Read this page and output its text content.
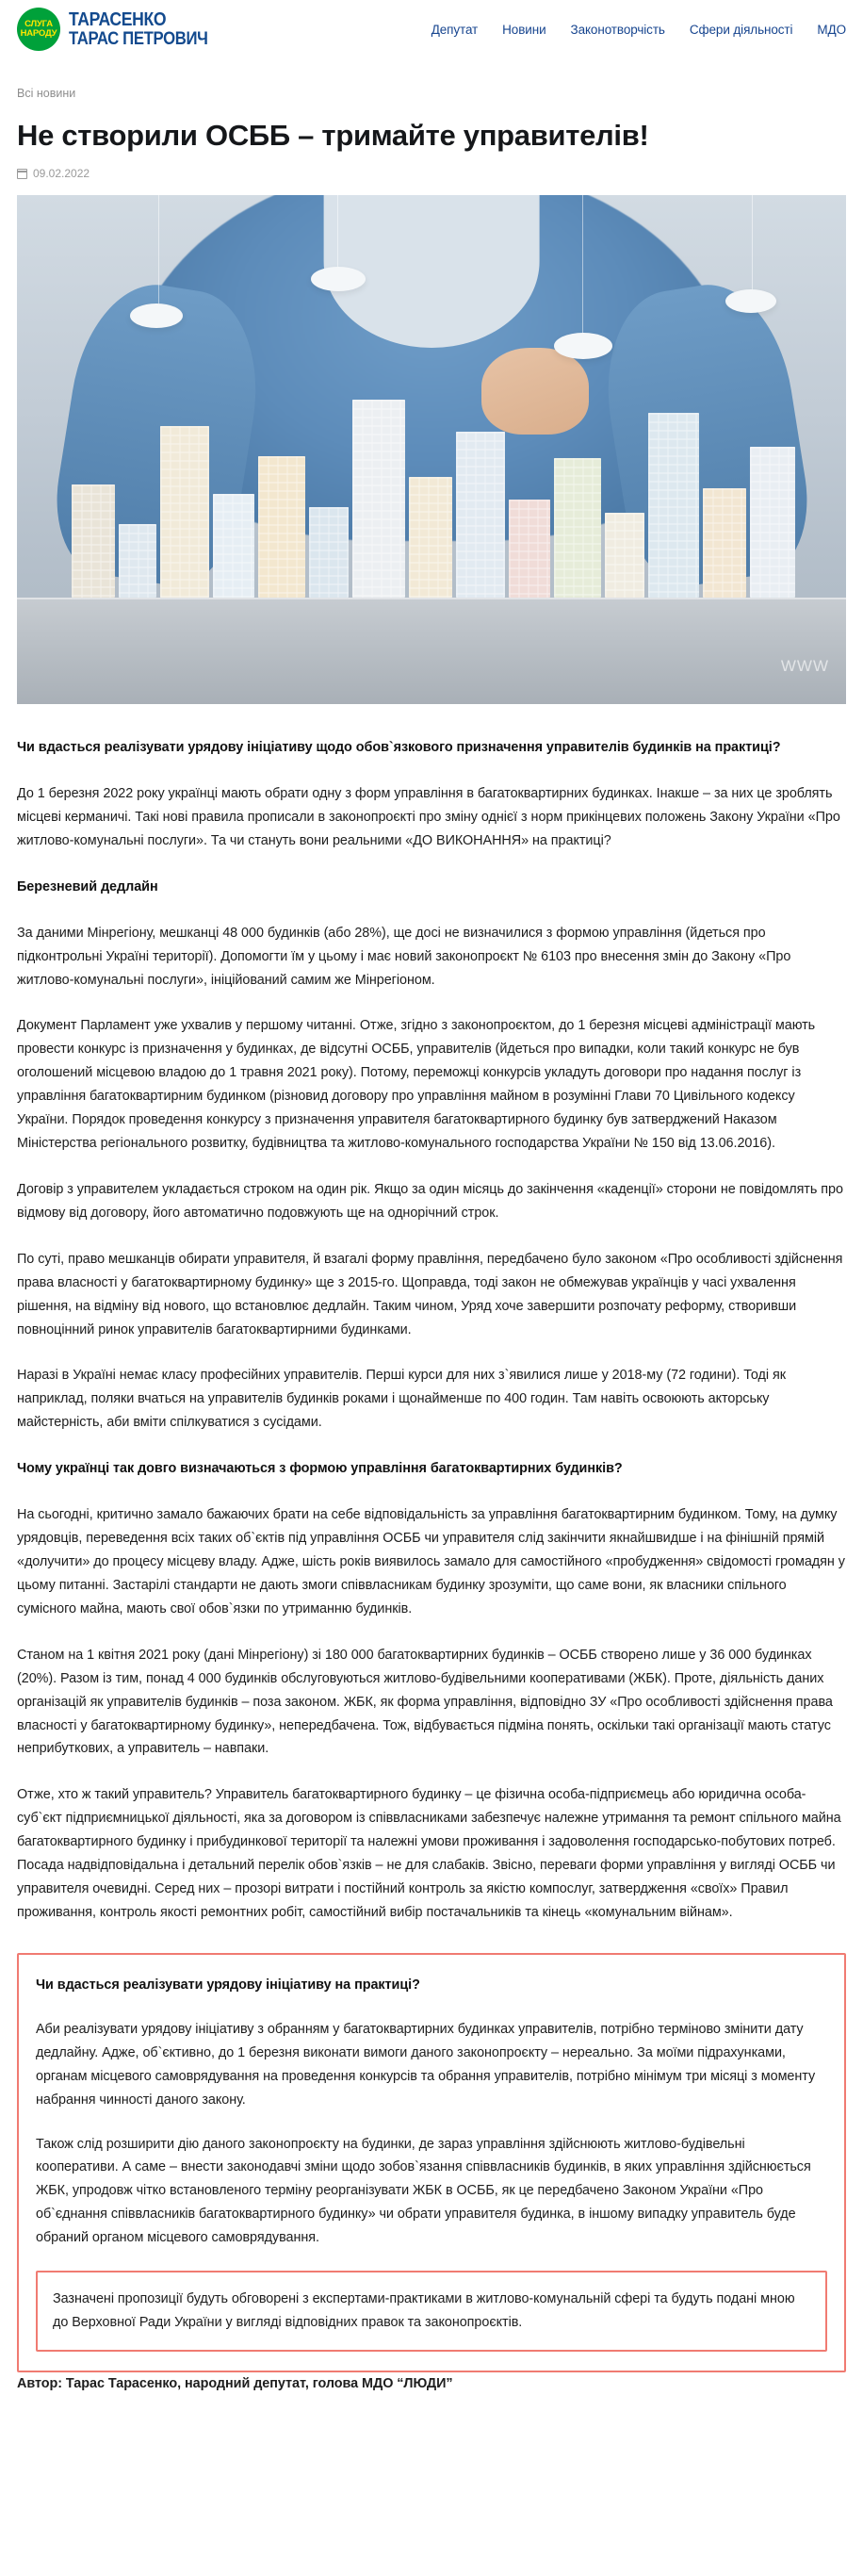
СЛУГА
НАРОДУ
ТАРАСЕНКО
ТАРАС ПЕТРОВИЧ	Депутат Новини Законотворчість Сфери діяльності МДО
Всі новини
Не створили ОСББ – тримайте управителів!
09.02.2022
WWW

Чи вдасться реалізувати урядову ініціативу щодо обов`язкового призначення управителів будинків на практиці?

До 1 березня 2022 року українці мають обрати одну з форм управління в багатоквартирних будинках. Інакше – за них це зроблять місцеві керманичі. Такі нові правила прописали в законопроєкті про зміну однієї з норм прикінцевих положень Закону України «Про житлово-комунальні послуги». Та чи стануть вони реальними «ДО ВИКОНАННЯ» на практиці?

Березневий дедлайн

За даними Мінрегіону, мешканці 48 000 будинків (або 28%), ще досі не визначилися з формою управління (йдеться про підконтрольні Україні території). Допомогти їм у цьому і має новий законопроєкт № 6103 про внесення змін до Закону «Про житлово-комунальні послуги», ініційований самим же Мінрегіоном.

Документ Парламент уже ухвалив у першому читанні. Отже, згідно з законопроєктом, до 1 березня місцеві адміністрації мають провести конкурс із призначення у будинках, де відсутні ОСББ, управителів (йдеться про випадки, коли такий конкурс не був оголошений місцевою владою до 1 травня 2021 року). Потому, переможці конкурсів укладуть договори про надання послуг із управління багатоквартирним будинком (різновид договору про управління майном в розумінні Глави 70 Цивільного кодексу України. Порядок проведення конкурсу з призначення управителя багатоквартирного будинку був затверджений Наказом Міністерства регіонального розвитку, будівництва та житлово-комунального господарства України № 150 від 13.06.2016).

Договір з управителем укладається строком на один рік. Якщо за один місяць до закінчення «каденції» сторони не повідомлять про відмову від договору, його автоматично подовжують ще на однорічний строк.

По суті, право мешканців обирати управителя, й взагалі форму правління, передбачено було законом «Про особливості здійснення права власності у багатоквартирному будинку» ще з 2015-го. Щоправда, тоді закон не обмежував українців у часі ухвалення рішення, на відміну від нового, що встановлює дедлайн. Таким чином, Уряд хоче завершити розпочату реформу, створивши повноцінний ринок управителів багатоквартирними будинками.

Наразі в Україні немає класу професійних управителів. Перші курси для них з`явилися лише у 2018-му (72 години). Тоді як наприклад, поляки вчаться на управителів будинків роками і щонайменше по 400 годин. Там навіть освоюють акторську майстерність, аби вміти спілкуватися з сусідами.

Чому українці так довго визначаються з формою управління багатоквартирних будинків?

На сьогодні, критично замало бажаючих брати на себе відповідальність за управління багатоквартирним будинком. Тому, на думку урядовців, переведення всіх таких об`єктів під управління ОСББ чи управителя слід закінчити якнайшвидше і на фінішній прямій «долучити» до процесу місцеву владу. Адже, шість років виявилось замало для самостійного «пробудження» свідомості громадян у цьому питанні. Застарілі стандарти не дають змоги співвласникам будинку зрозуміти, що саме вони, як власники спільного сумісного майна, мають свої обов`язки по утриманню будинків.

Станом на 1 квітня 2021 року (дані Мінрегіону) зі 180 000 багатоквартирних будинків – ОСББ створено лише у 36 000 будинках (20%). Разом із тим, понад 4 000 будинків обслуговуються житлово-будівельними кооперативами (ЖБК). Проте, діяльність даних організацій як управителів будинків – поза законом. ЖБК, як форма управління, відповідно ЗУ «Про особливості здійснення права власності у багатоквартирному будинку», непередбачена. Тож, відбувається підміна понять, оскільки такі організації мають статус неприбуткових, а управитель – навпаки.

Отже, хто ж такий управитель? Управитель багатоквартирного будинку – це фізична особа-підприємець або юридична особа-суб`єкт підприємницької діяльності, яка за договором із співвласниками забезпечує належне утримання та ремонт спільного майна багатоквартирного будинку і прибудинкової території та належні умови проживання і задоволення господарсько-побутових потреб. Посада надвідповідальна і детальний перелік обов`язків – не для слабаків. Звісно, переваги форми управління у вигляді ОСББ чи управителя очевидні. Серед них – прозорі витрати і постійний контроль за якістю компослуг, затвердження «своїх» Правил проживання, контроль якості ремонтних робіт, самостійний вибір постачальників та кінець «комунальним війнам».

Чи вдасться реалізувати урядову ініціативу на практиці?

Аби реалізувати урядову ініціативу з обранням у багатоквартирних будинках управителів, потрібно терміново змінити дату дедлайну. Адже, об`єктивно, до 1 березня виконати вимоги даного законопроєкту – нереально. За моїми підрахунками, органам місцевого самоврядування на проведення конкурсів та обрання управителів, потрібно мінімум три місяці з моменту набрання чинності даного закону.

Також слід розширити дію даного законопроєкту на будинки, де зараз управління здійснюють житлово-будівельні кооперативи. А саме – внести законодавчі зміни щодо зобов`язання співвласників будинків, в яких управління здійснюється ЖБК, упродовж чітко встановленого терміну реорганізувати ЖБК в ОСББ, як це передбачено Законом України «Про об`єднання співвласників багатоквартирного будинку» чи обрати управителя будинка, в іншому випадку управитель буде обраний органом місцевого самоврядування.

Зазначені пропозиції будуть обговорені з експертами-практиками в житлово-комунальній сфері та будуть подані мною до Верховної Ради України у вигляді відповідних правок та законопроєктів.

Автор: Тарас Тарасенко, народний депутат, голова МДО “ЛЮДИ”
